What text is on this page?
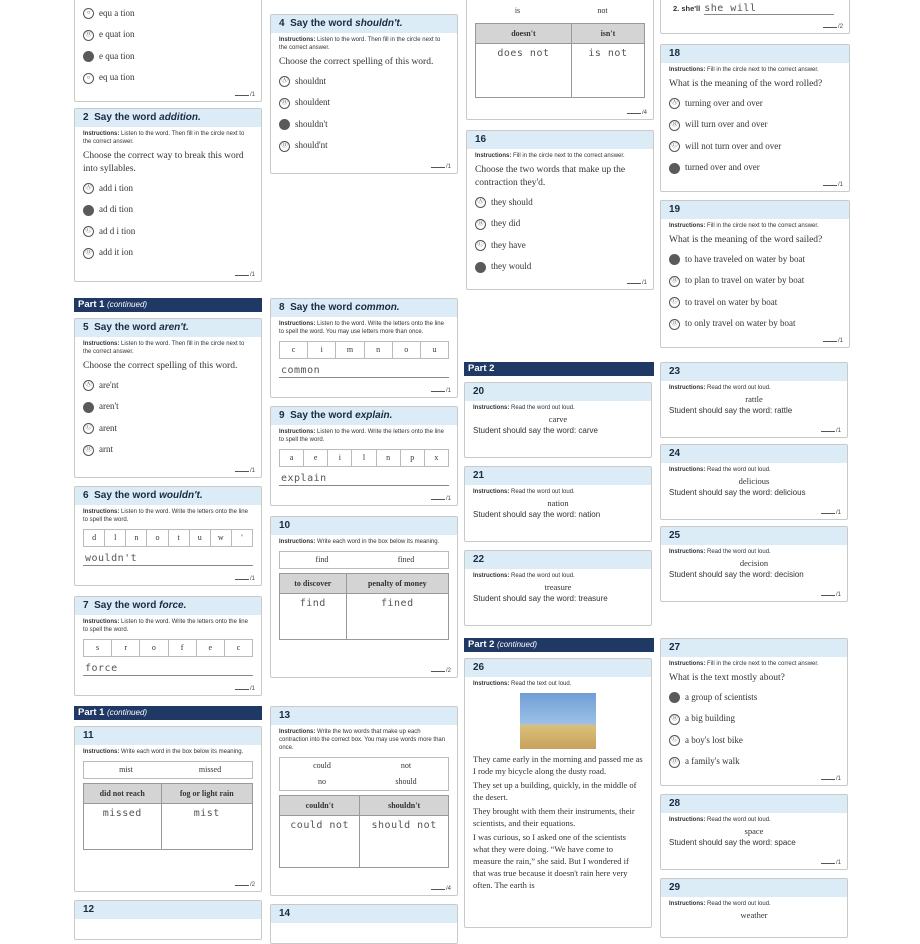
○ equ a tion
Ⓓ e quat ion
● e qua tion
○ eq ua tion
/1
2 Say the word addition.
Instructions: Listen to the word. Then fill in the circle next to the correct answer.
Choose the correct way to break this word into syllables.
Ⓐ add i tion
● ad di tion
Ⓒ ad d i tion
Ⓓ add it ion
/1
Part 1 (continued)
5 Say the word aren't.
Instructions: Listen to the word. Then fill in the circle next to the correct answer.
Choose the correct spelling of this word.
Ⓐ are'nt
● aren't
Ⓒ arent
Ⓓ arnt
/1
6 Say the word wouldn't.
Instructions: Listen to the word. Write the letters onto the line to spell the word.
d	l	n	o	t	u	w	'
wouldn't
/1
7 Say the word force.
Instructions: Listen to the word. Write the letters onto the line to spell the word.
s	r	o	f	e	c
force
/1
Part 1 (continued)
11
Instructions: Write each word in the box below its meaning.
mist	missed
did not reach	fog or light rain
missed	mist
/2
12
4 Say the word shouldn't.
Instructions: Listen to the word. Then fill in the circle next to the correct answer.
Choose the correct spelling of this word.
Ⓐ shouldnt
Ⓑ shouldent
● shouldn't
Ⓓ should'nt
/1
8 Say the word common.
Instructions: Listen to the word. Write the letters onto the line to spell the word. You may use letters more than once.
c	i	m	n	o	u
common
/1
9 Say the word explain.
Instructions: Listen to the word. Write the letters onto the line to spell the word.
a	e	i	l	n	p	x
explain
/1
10
Instructions: Write each word in the box below its meaning.
find	fined
to discover	penalty of money
find	fined
/2
13
Instructions: Write the two words that make up each contraction into the correct box. You may use words more than once.
could	not
no	should
couldn't	shouldn't
could not	should not
/4
14
is	not
doesn't	isn't
does not	is not
/4
16
Instructions: Fill in the circle next to the correct answer.
Choose the two words that make up the contraction they'd.
Ⓐ they should
Ⓑ they did
Ⓒ they have
● they would
/1
Part 2
20
Instructions: Read the word out loud.
carve
Student should say the word: carve
21
Instructions: Read the word out loud.
nation
Student should say the word: nation
22
Instructions: Read the word out loud.
treasure
Student should say the word: treasure
Part 2 (continued)
26
Instructions: Read the text out loud.
They came early in the morning and passed me as I rode my bicycle along the dusty road.
They set up a building, quickly, in the middle of the desert.
They brought with them their instruments, their scientists, and their equations.
I was curious, so I asked one of the scientists what they were doing. “We have come to measure the rain,” she said. But I wondered if that was true because it doesn't rain here very often. The earth is
2. she'll she will
/2
18
Instructions: Fill in the circle next to the correct answer.
What is the meaning of the word rolled?
Ⓐ turning over and over
Ⓑ will turn over and over
Ⓒ will not turn over and over
● turned over and over
/1
19
Instructions: Fill in the circle next to the correct answer.
What is the meaning of the word sailed?
● to have traveled on water by boat
Ⓑ to plan to travel on water by boat
Ⓒ to travel on water by boat
Ⓓ to only travel on water by boat
/1
23
Instructions: Read the word out loud.
rattle
Student should say the word: rattle
/1
24
Instructions: Read the word out loud.
delicious
Student should say the word: delicious
/1
25
Instructions: Read the word out loud.
decision
Student should say the word: decision
/1
27
Instructions: Fill in the circle next to the correct answer.
What is the text mostly about?
● a group of scientists
Ⓑ a big building
Ⓒ a boy's lost bike
Ⓓ a family's walk
/1
28
Instructions: Read the word out loud.
space
Student should say the word: space
/1
29
Instructions: Read the word out loud.
weather
